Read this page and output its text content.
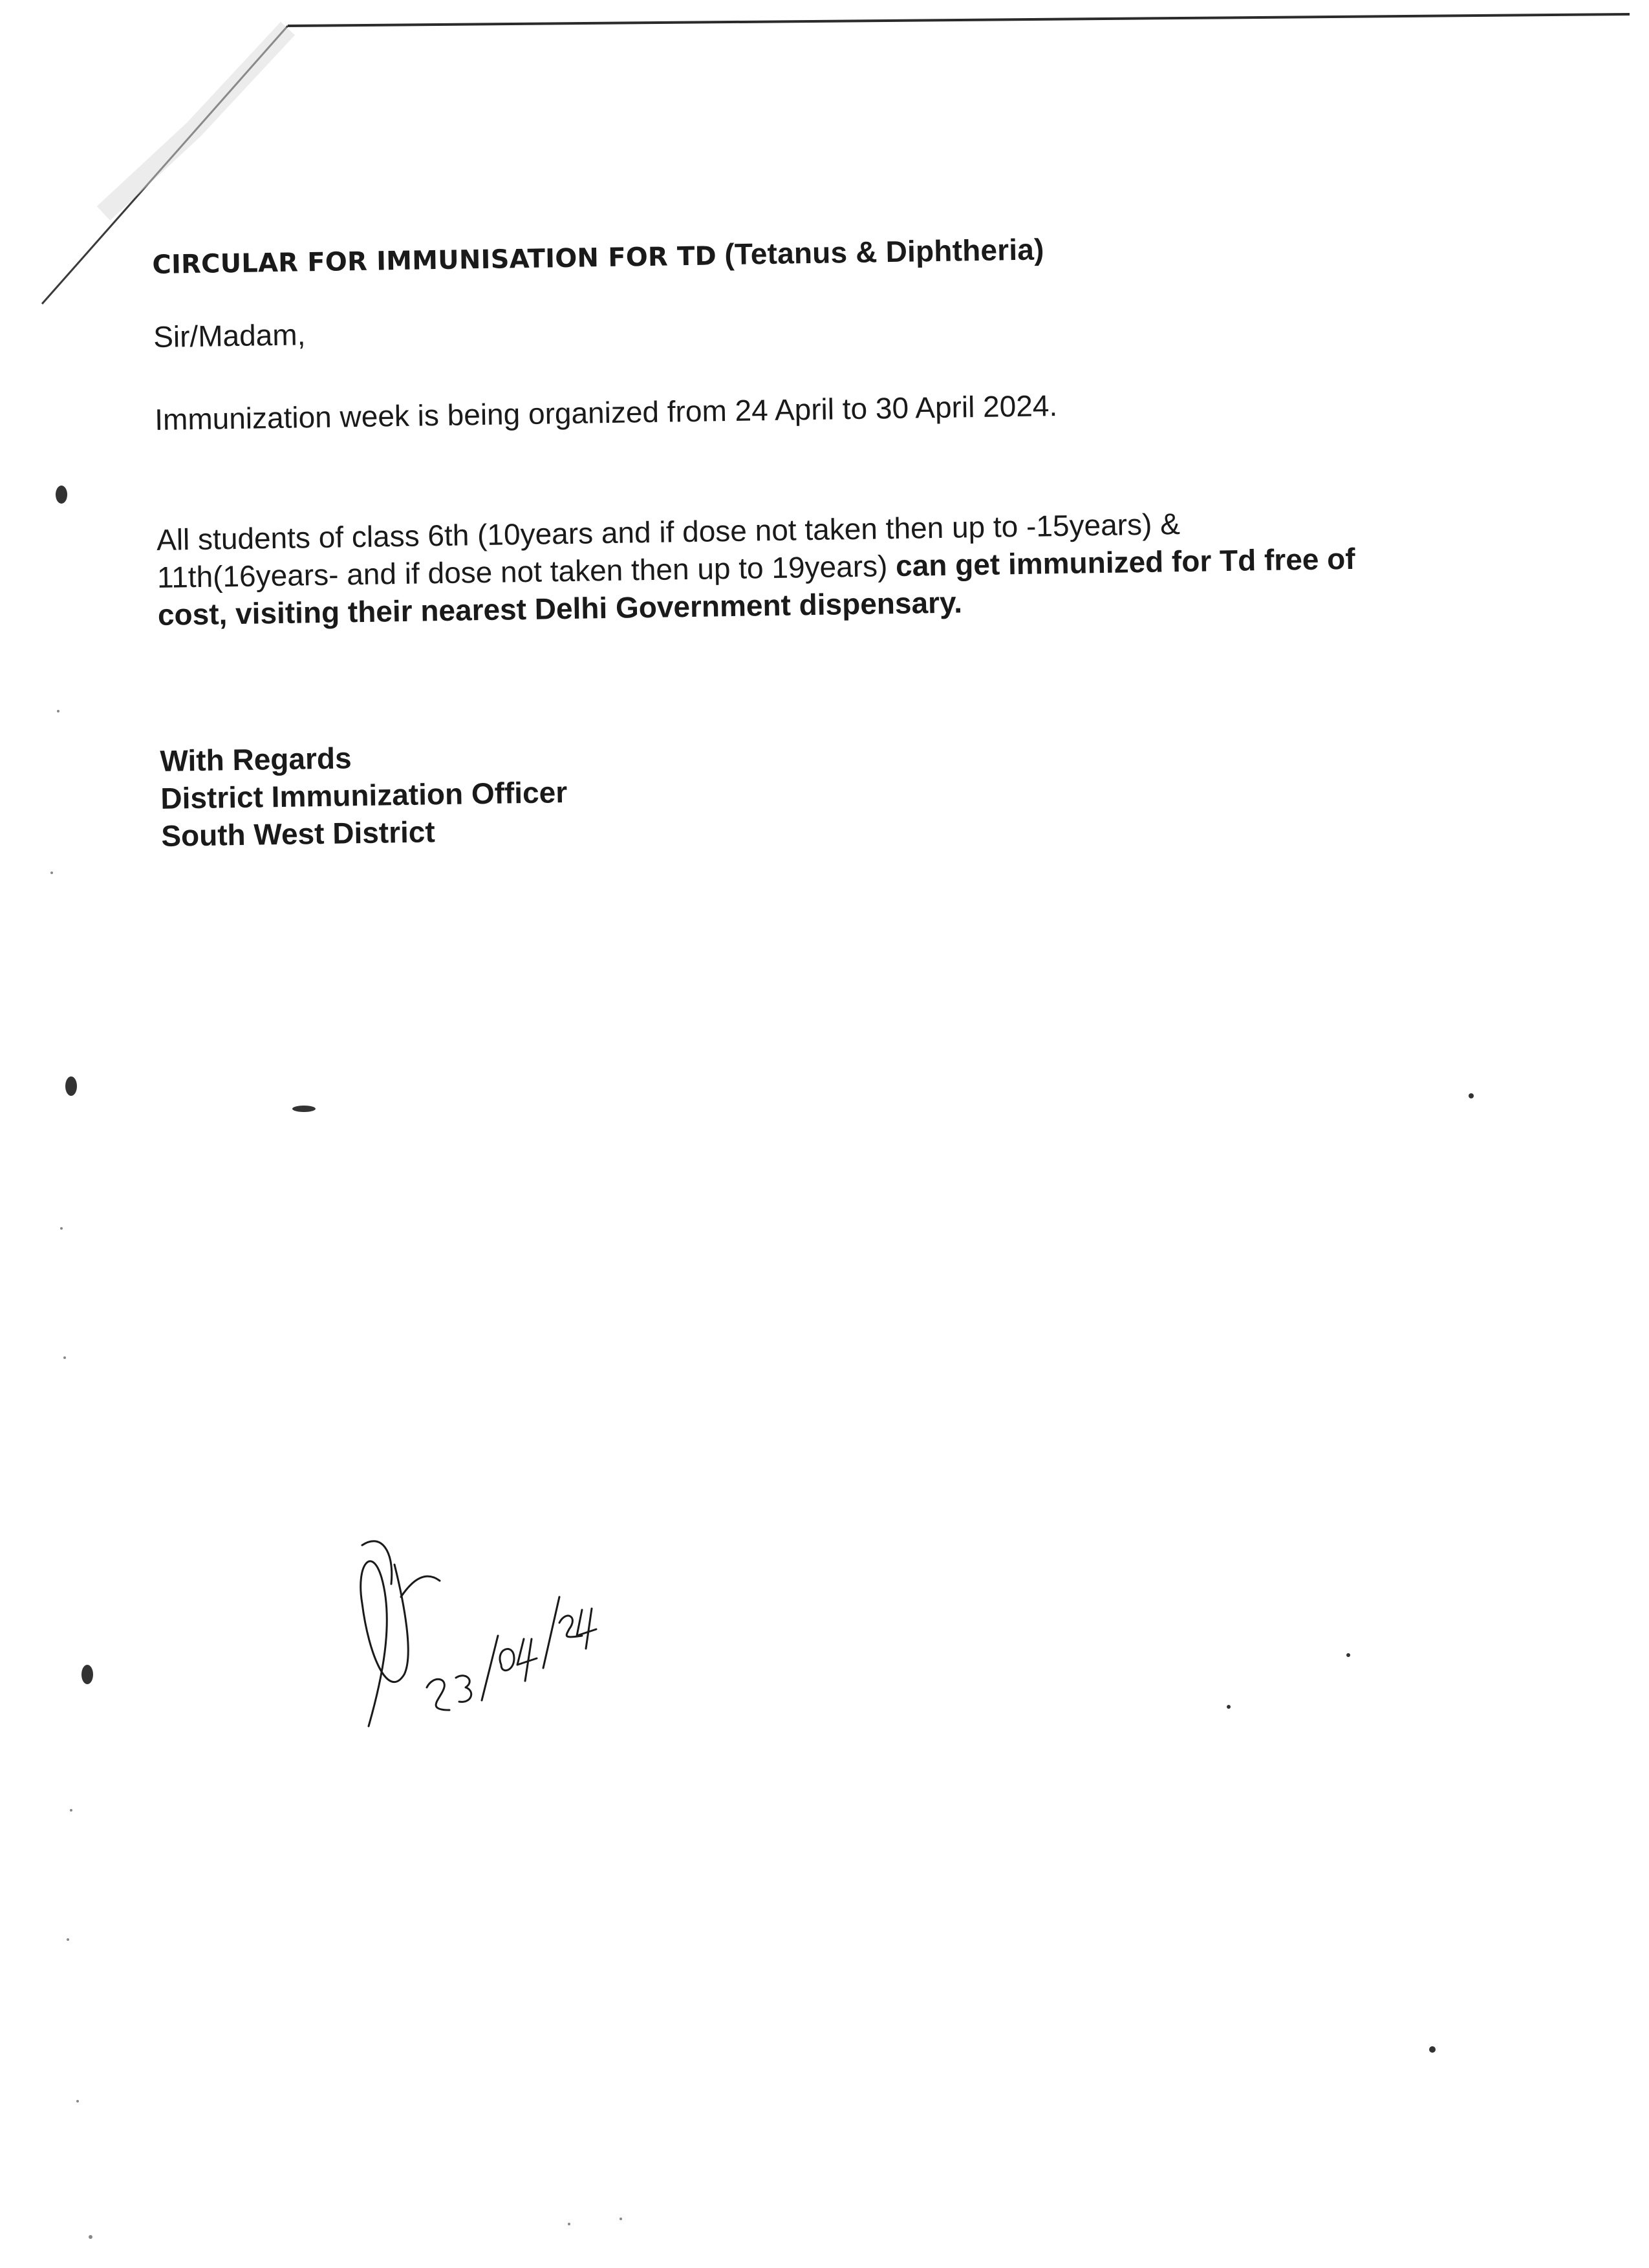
CIRCULAR FOR IMMUNISATION FOR TD (Tetanus & Diphtheria)
Sir/Madam,
Immunization week is being organized from 24 April to 30 April 2024.
All students of class 6th (10years and if dose not taken then up to -15years) &
11th(16years- and if dose not taken then up to 19years) can get immunized for Td free of
cost, visiting their nearest Delhi Government dispensary.
With Regards
District Immunization Officer
South West District
